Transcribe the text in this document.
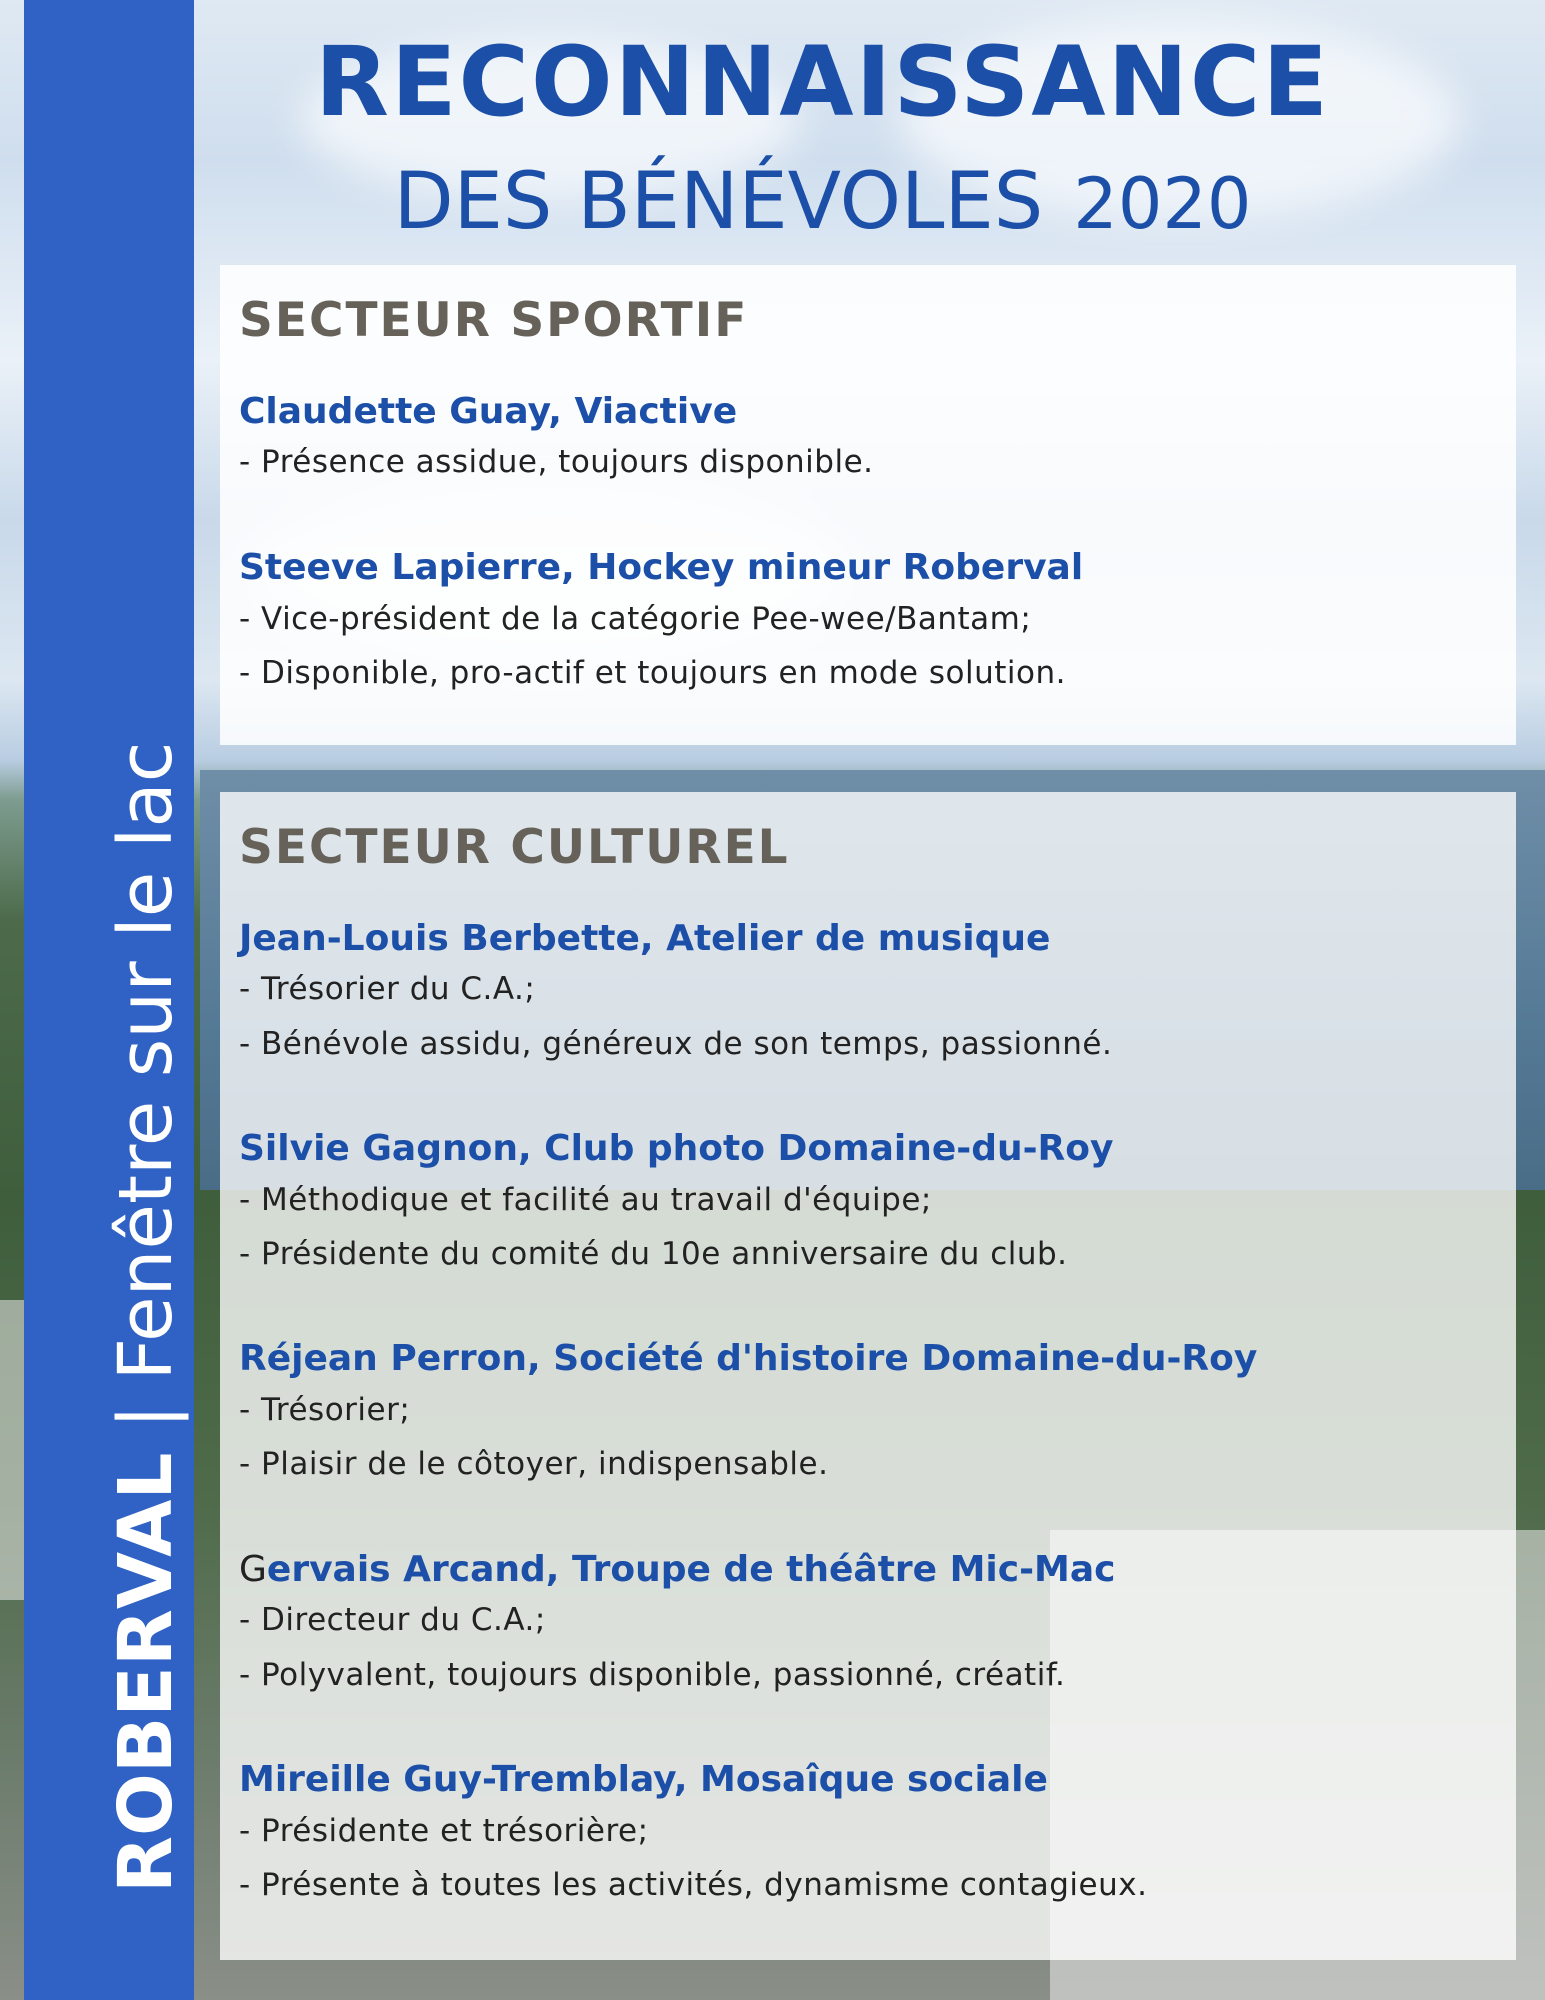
ROBERVAL | Fenêtre sur le lac
RECONNAISSANCE
DES BÉNÉVOLES 2020
SECTEUR SPORTIF
Claudette Guay, Viactive
- Présence assidue, toujours disponible.
Steeve Lapierre, Hockey mineur Roberval
- Vice-président de la catégorie Pee-wee/Bantam;
- Disponible, pro-actif et toujours en mode solution.
SECTEUR CULTUREL
Jean-Louis Berbette, Atelier de musique
- Trésorier du C.A.;
- Bénévole assidu, généreux de son temps, passionné.
Silvie Gagnon, Club photo Domaine-du-Roy
- Méthodique et facilité au travail d'équipe;
- Présidente du comité du 10e anniversaire du club.
Réjean Perron, Société d'histoire Domaine-du-Roy
- Trésorier;
- Plaisir de le côtoyer, indispensable.
Gervais Arcand, Troupe de théâtre Mic-Mac
- Directeur du C.A.;
- Polyvalent, toujours disponible, passionné, créatif.
Mireille Guy-Tremblay, Mosaîque sociale
- Présidente et trésorière;
- Présente à toutes les activités, dynamisme contagieux.
